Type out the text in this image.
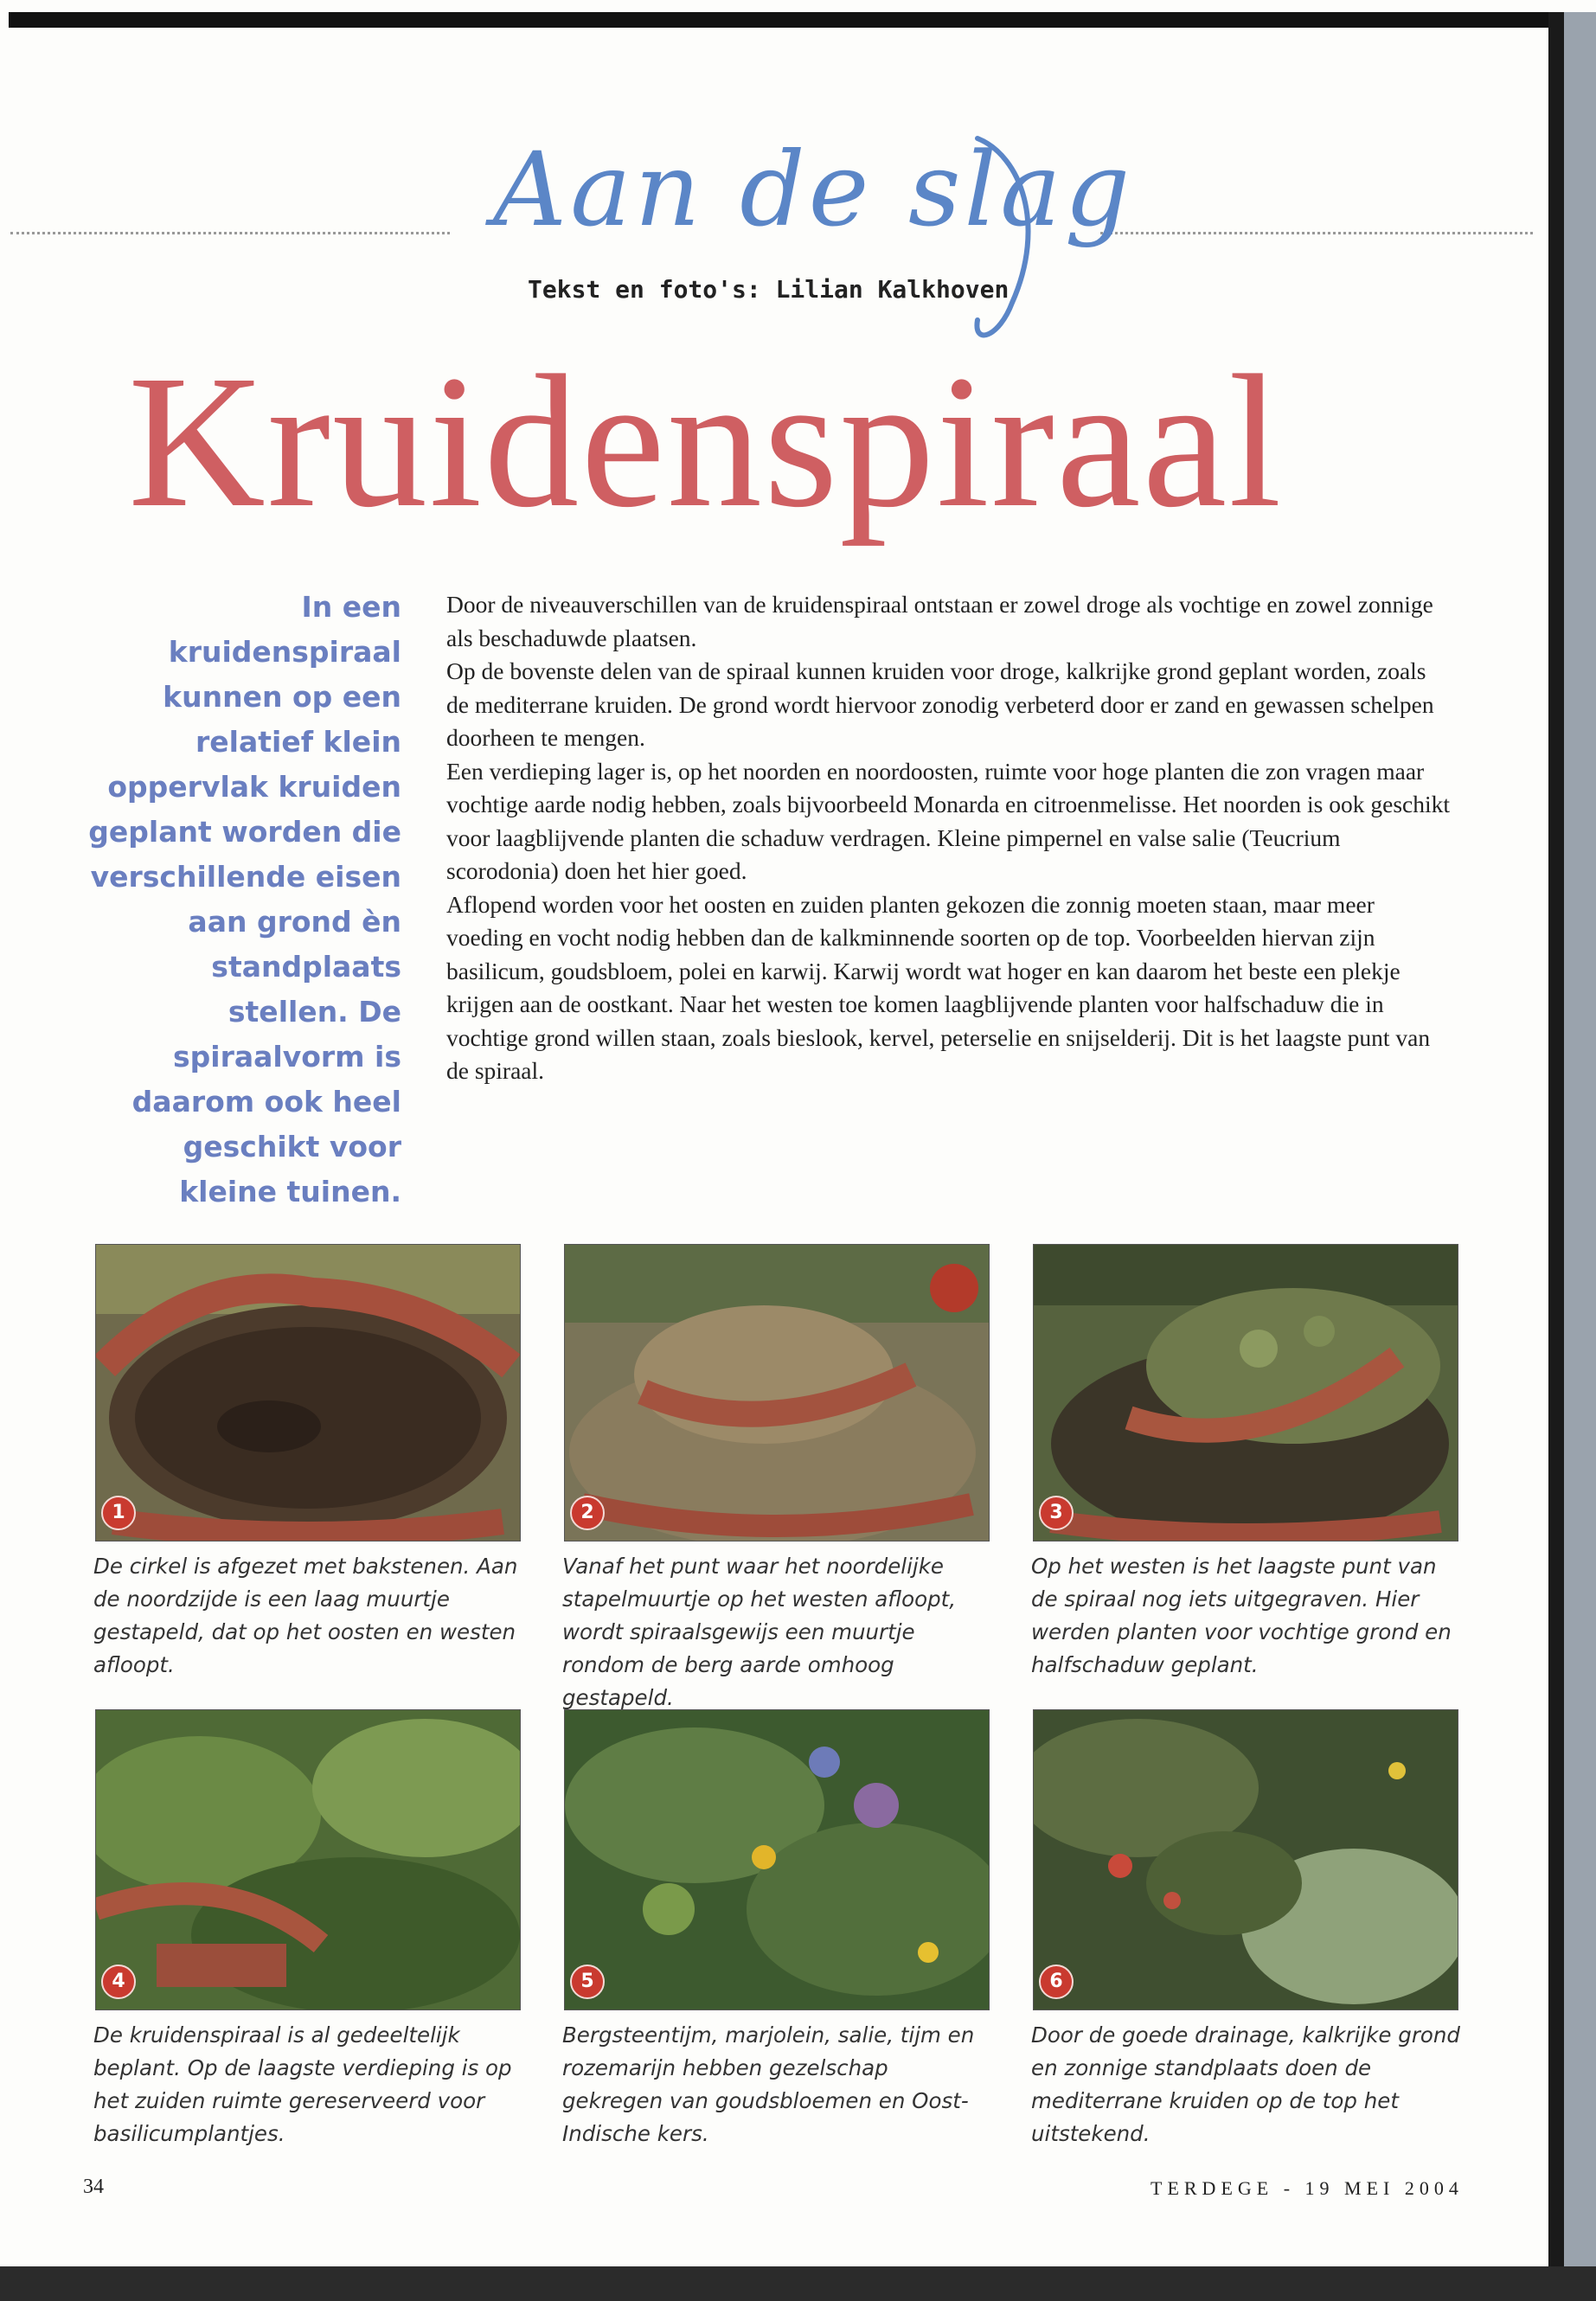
Aan de slag
Tekst en foto's: Lilian Kalkhoven
Kruidenspiraal
In een kruidenspiraal kunnen op een relatief klein oppervlak kruiden geplant worden die verschillende eisen aan grond èn standplaats stellen. De spiraalvorm is daarom ook heel geschikt voor kleine tuinen.

Door de niveauverschillen van de kruidenspiraal ontstaan er zowel droge als vochtige en zowel zonnige als beschaduwde plaatsen.

Op de bovenste delen van de spiraal kunnen kruiden voor droge, kalkrijke grond geplant worden, zoals de mediterrane kruiden. De grond wordt hiervoor zonodig verbeterd door er zand en gewassen schelpen doorheen te mengen.

Een verdieping lager is, op het noorden en noordoosten, ruimte voor hoge planten die zon vragen maar vochtige aarde nodig hebben, zoals bijvoorbeeld Monarda en citroenmelisse. Het noorden is ook geschikt voor laagblijvende planten die schaduw verdragen. Kleine pimpernel en valse salie (Teucrium scorodonia) doen het hier goed.

Aflopend worden voor het oosten en zuiden planten gekozen die zonnig moeten staan, maar meer voeding en vocht nodig hebben dan de kalkminnende soorten op de top. Voorbeelden hiervan zijn basilicum, goudsbloem, polei en karwij. Karwij wordt wat hoger en kan daarom het beste een plekje krijgen aan de oostkant. Naar het westen toe komen laagblijvende planten voor halfschaduw die in vochtige grond willen staan, zoals bieslook, kervel, peterselie en snijselderij. Dit is het laagste punt van de spiraal.

1
De cirkel is afgezet met bakstenen. Aan de noordzijde is een laag muurtje gestapeld, dat op het oosten en westen afloopt.
2
Vanaf het punt waar het noordelijke stapelmuurtje op het westen afloopt, wordt spiraalsgewijs een muurtje rondom de berg aarde omhoog gestapeld.
3
Op het westen is het laagste punt van de spiraal nog iets uitgegraven. Hier werden planten voor vochtige grond en halfschaduw geplant.
4
De kruidenspiraal is al gedeeltelijk beplant. Op de laagste verdieping is op het zuiden ruimte gereserveerd voor basilicumplantjes.
5
Bergsteentijm, marjolein, salie, tijm en rozemarijn hebben gezelschap gekregen van goudsbloemen en Oost-Indische kers.
6
Door de goede drainage, kalkrijke grond en zonnige standplaats doen de mediterrane kruiden op de top het uitstekend.
34	TERDEGE - 19 MEI 2004
